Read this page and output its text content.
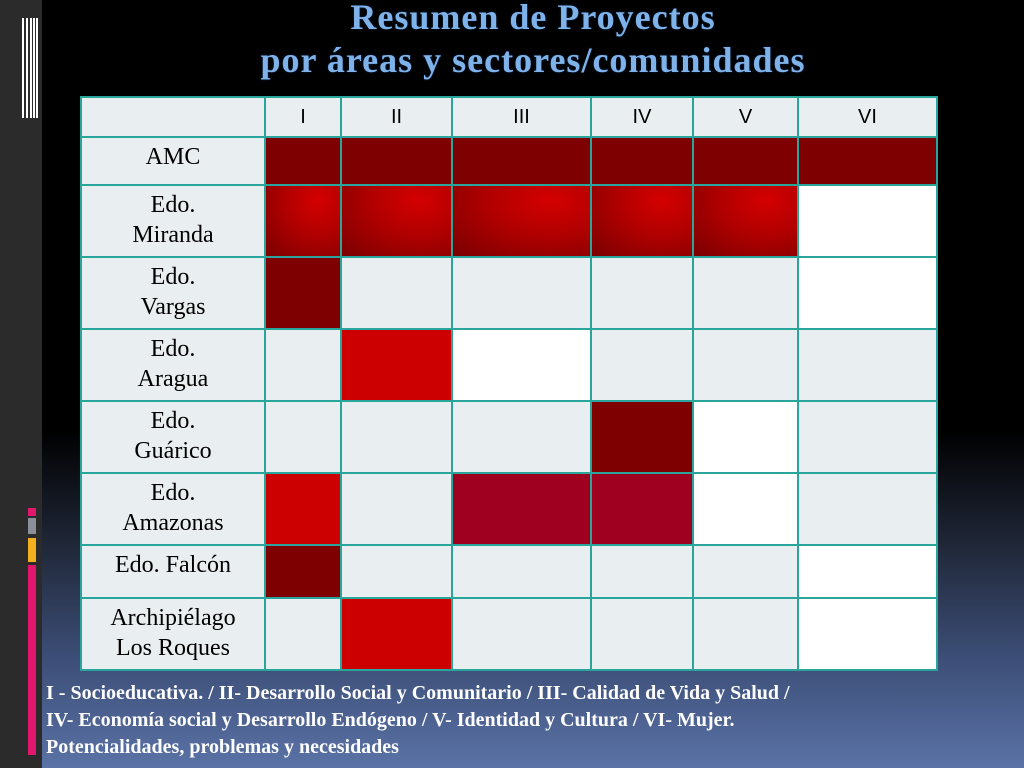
Resumen de Proyectos
por áreas y sectores/comunidades
	I	II	III	IV	V	VI

AMC						

Edo.
Miranda						

Edo.
Vargas						

Edo.
Aragua						

Edo.
Guárico						

Edo.
Amazonas						

Edo. Falcón						

Archipiélago
Los Roques						

I - Socioeducativa. / II- Desarrollo Social y Comunitario / III- Calidad de Vida y Salud /
IV- Economía social y Desarrollo Endógeno / V- Identidad y Cultura / VI- Mujer.
Potencialidades, problemas y necesidades
